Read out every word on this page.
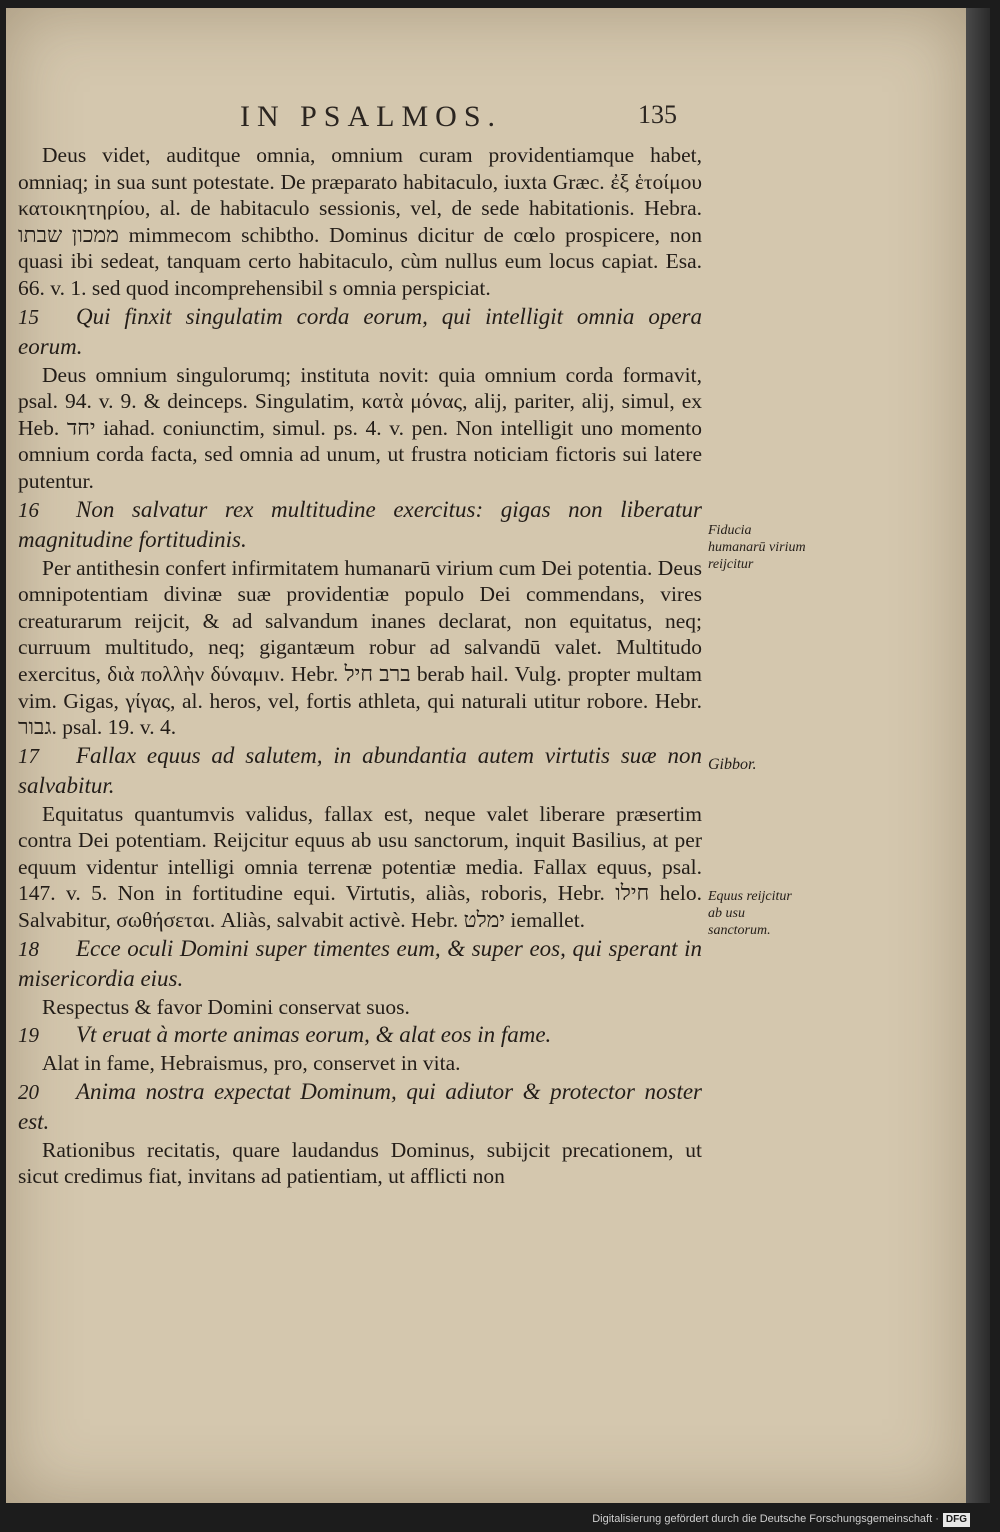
IN PSALMOS.	135

Deus videt, auditque omnia, omnium curam providentiamque habet, omniaq; in sua sunt potestate. De præparato habitaculo, iuxta Græc. ἐξ ἑτοίμου κατοικητηρίου, al. de habitaculo sessionis, vel, de sede habitationis. Hebra. ממכון שבתו mimmecom schibtho. Dominus dicitur de cœlo prospicere, non quasi ibi sedeat, tanquam certo habitaculo, cùm nullus eum locus capiat. Esa. 66. v. 1. sed quod incomprehensibil s omnia perspiciat.

15 Qui finxit singulatim corda eorum, qui intelligit omnia opera eorum.

Deus omnium singulorumq; instituta novit: quia omnium corda formavit, psal. 94. v. 9. & deinceps. Singulatim, κατὰ μόνας, alij, pariter, alij, simul, ex Heb. יחד iahad. coniunctim, simul. ps. 4. v. pen. Non intelligit uno momento omnium corda facta, sed omnia ad unum, ut frustra noticiam fictoris sui latere putentur.

16 Non salvatur rex multitudine exercitus: gigas non liberatur magnitudine fortitudinis.

Per antithesin confert infirmitatem humanarū virium cum Dei potentia. Deus omnipotentiam divinæ suæ providentiæ populo Dei commendans, vires creaturarum reijcit, & ad salvandum inanes declarat, non equitatus, neq; curruum multitudo, neq; gigantæum robur ad salvandū valet. Multitudo exercitus, διὰ πολλὴν δύναμιν. Hebr. ברב חיל berab hail. Vulg. propter multam vim. Gigas, γίγας, al. heros, vel, fortis athleta, qui naturali utitur robore. Hebr. גבור. psal. 19. v. 4.

17 Fallax equus ad salutem, in abundantia autem virtutis suæ non salvabitur.

Equitatus quantumvis validus, fallax est, neque valet liberare præsertim contra Dei potentiam. Reijcitur equus ab usu sanctorum, inquit Basilius, at per equum videntur intelligi omnia terrenæ potentiæ media. Fallax equus, psal. 147. v. 5. Non in fortitudine equi. Virtutis, aliàs, roboris, Hebr. חילו helo. Salvabitur, σωθήσεται. Aliàs, salvabit activè. Hebr. ימלט iemallet.

18 Ecce oculi Domini super timentes eum, & super eos, qui sperant in misericordia eius.

Respectus & favor Domini conservat suos.

19 Vt eruat à morte animas eorum, & alat eos in fame.

Alat in fame, Hebraismus, pro, conservet in vita.

20 Anima nostra expectat Dominum, qui adiutor & protector noster est.

Rationibus recitatis, quare laudandus Dominus, subijcit precationem, ut sicut credimus fiat, invitans ad patientiam, ut afflicti non

Fiducia humanarū virium reijcitur
Gibbor.
Equus reijcitur ab usu sanctorum.
Digitalisierung gefördert durch die Deutsche Forschungsgemeinschaft · DFG
